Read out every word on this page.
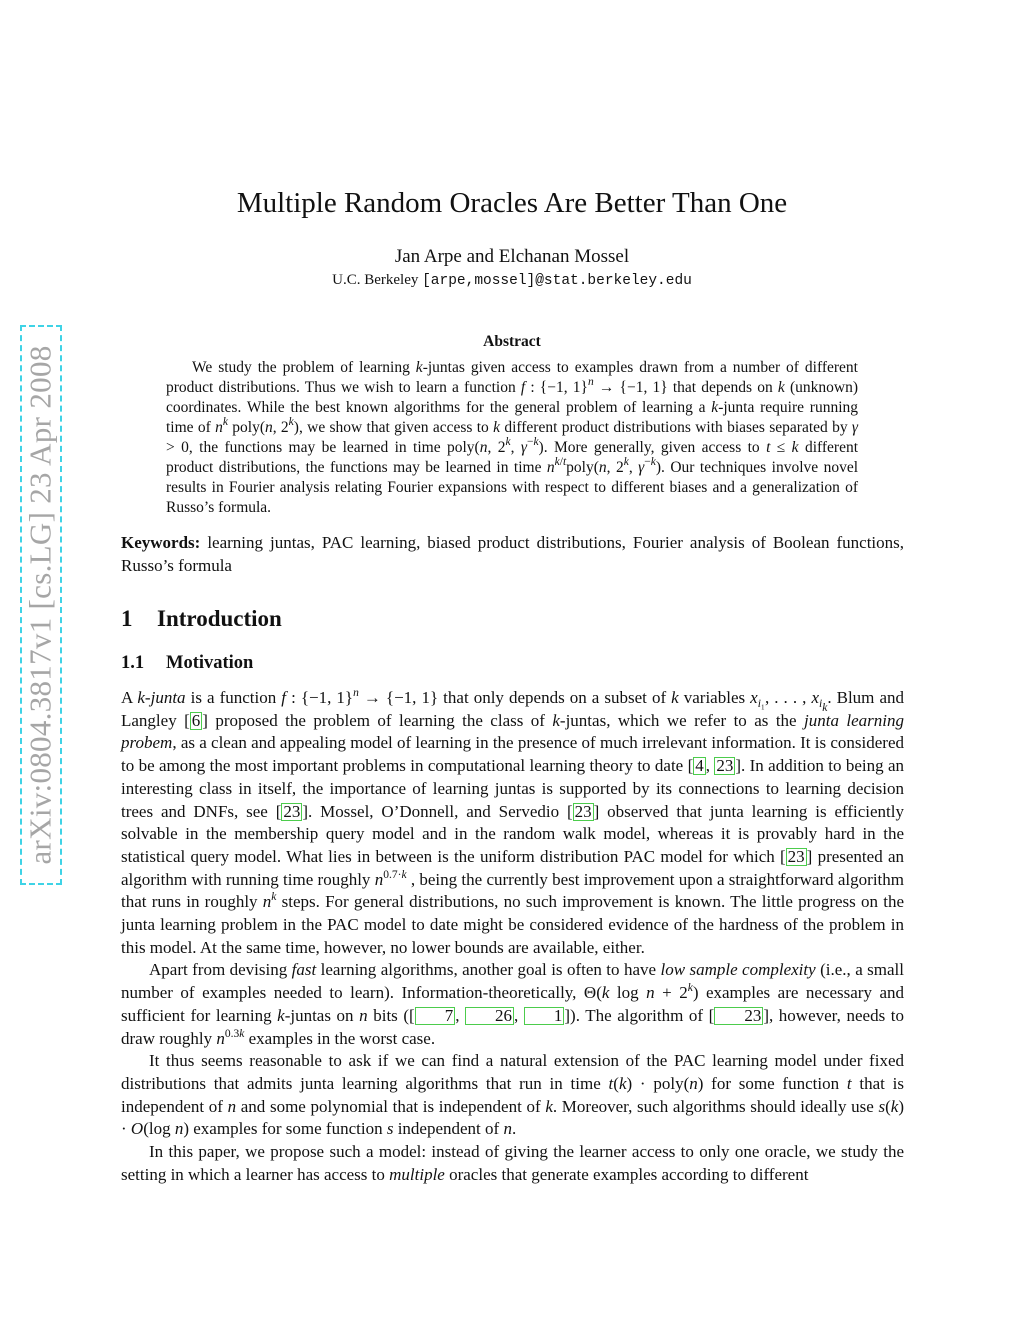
arXiv:0804.3817v1 [cs.LG] 23 Apr 2008
Multiple Random Oracles Are Better Than One
Jan Arpe and Elchanan Mossel
U.C. Berkeley [arpe,mossel]@stat.berkeley.edu
Abstract

We study the problem of learning k-juntas given access to examples drawn from a number of different product distributions. Thus we wish to learn a function f : {−1, 1}$^n$ → {−1, 1} that depends on k (unknown) coordinates. While the best known algorithms for the general problem of learning a k-junta require running time of $n^k$ poly(n, 2$^k$), we show that given access to k different product distributions with biases separated by γ > 0, the functions may be learned in time poly(n, 2$^k$, $\gamma^{-k}$). More generally, given access to t ≤ k different product distributions, the functions may be learned in time $n^{k/t}poly(n$, 2$^k$, $\gamma^{-k}$). Our techniques involve novel results in Fourier analysis relating Fourier expansions with respect to different biases and a generalization of Russo’s formula.

Keywords: learning juntas, PAC learning, biased product distributions, Fourier analysis of Boolean functions, Russo’s formula
1 Introduction
1.1 Motivation

A k-junta is a function f : {−1, 1}$^n$ → {−1, 1} that only depends on a subset of k variables $x_{i_1}$, . . . , $x_{i_k}$. Blum and Langley [ 6 ] proposed the problem of learning the class of k-juntas, which we refer to as the junta learning probem, as a clean and appealing model of learning in the presence of much irrelevant information. It is considered to be among the most important problems in computational learning theory to date [ 4 , 23 ]. In addition to being an interesting class in itself, the importance of learning juntas is supported by its connections to learning decision trees and DNFs, see [ 23 ]. Mossel, O’Donnell, and Servedio [ 23 ] observed that junta learning is efficiently solvable in the membership query model and in the random walk model, whereas it is provably hard in the statistical query model. What lies in between is the uniform distribution PAC model for which [ 23 ] presented an algorithm with running time roughly $n^{0.7\cdot k}$ , being the currently best improvement upon a straightforward algorithm that runs in roughly $n^k$ steps. For general distributions, no such improvement is known. The little progress on the junta learning problem in the PAC model to date might be considered evidence of the hardness of the problem in this model. At the same time, however, no lower bounds are available, either.

Apart from devising fast learning algorithms, another goal is often to have low sample complexity (i.e., a small number of examples needed to learn). Information-theoretically, Θ(k $\log n + 2^k$) examples are necessary and sufficient for learning k-juntas on n bits ([ 7 , 26 , 1 ]). The algorithm of [ 23 ], however, needs to draw roughly $n^{0.3k}$ examples in the worst case.

It thus seems reasonable to ask if we can find a natural extension of the PAC learning model under fixed distributions that admits junta learning algorithms that run in time t(k) · poly(n) for some function t that is independent of n and some polynomial that is independent of k. Moreover, such algorithms should ideally use s(k) · O(log n) examples for some function s independent of n.

In this paper, we propose such a model: instead of giving the learner access to only one oracle, we study the setting in which a learner has access to multiple oracles that generate examples according to different
